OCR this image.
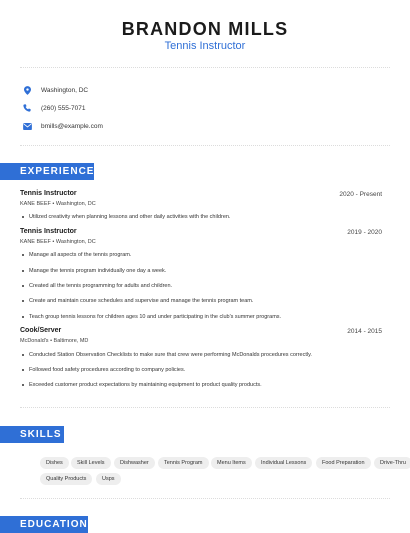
BRANDON MILLS
Tennis Instructor
Washington, DC
(260) 555-7071
bmills@example.com
EXPERIENCE
Tennis Instructor	2020 - Present
KANE BEEF • Washington, DC
Utilized creativity when planning lessons and other daily activities with the children.
Tennis Instructor	2019 - 2020
KANE BEEF • Washington, DC
Manage all aspects of the tennis program.
Manage the tennis program individually one day a week.
Created all the tennis programming for adults and children.
Create and maintain course schedules and supervise and manage the tennis program team.
Teach group tennis lessons for children ages 10 and under participating in the club's summer programs.
Cook/Server	2014 - 2015
McDonald's • Baltimore, MD
Conducted Station Observation Checklists to make sure that crew were performing McDonalds procedures correctly.
Followed food safety procedures according to company policies.
Exceeded customer product expectations by maintaining equipment to product quality products.
SKILLS
Dishes	Skill Levels	Dishwasher	Tennis Program	Menu Items	Individual Lessons	Food Preparation	Drive-Thru
Quality Products	Usps
EDUCATION
